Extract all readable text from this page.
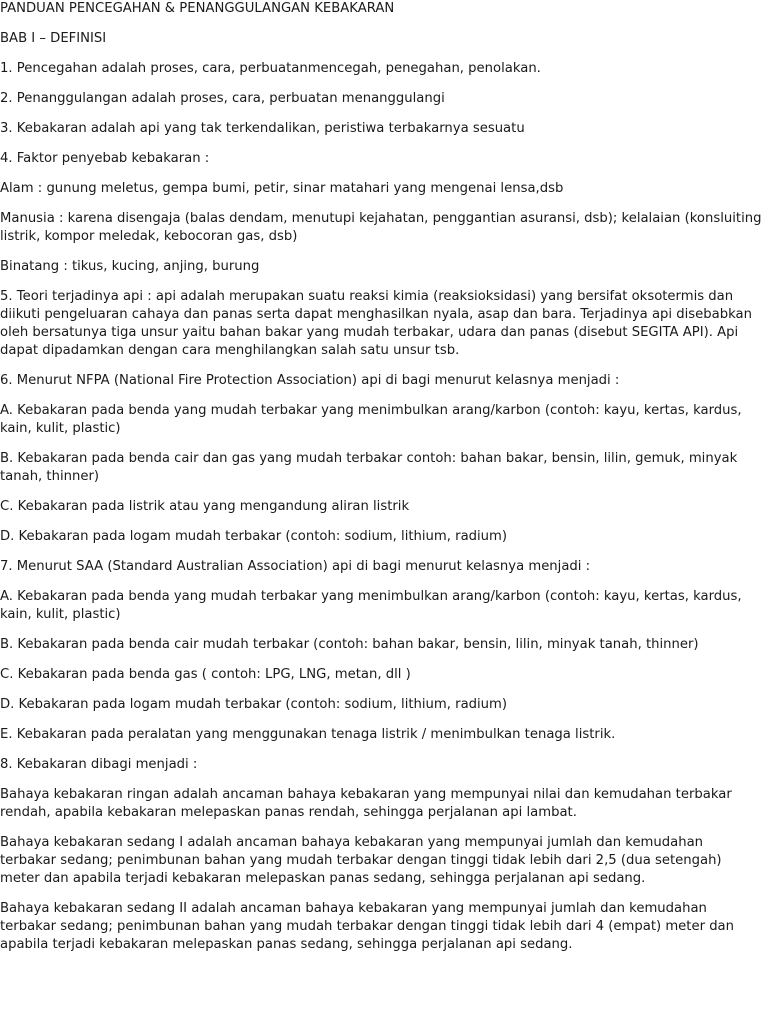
PANDUAN PENCEGAHAN & PENANGGULANGAN KEBAKARAN

BAB I – DEFINISI

1. Pencegahan adalah proses, cara, perbuatanmencegah, penegahan, penolakan.

2. Penanggulangan adalah proses, cara, perbuatan menanggulangi

3. Kebakaran adalah api yang tak terkendalikan, peristiwa terbakarnya sesuatu

4. Faktor penyebab kebakaran :

Alam : gunung meletus, gempa bumi, petir, sinar matahari yang mengenai lensa,dsb

Manusia : karena disengaja (balas dendam, menutupi kejahatan, penggantian asuransi, dsb); kelalaian (konsluiting listrik, kompor meledak, kebocoran gas, dsb)

Binatang : tikus, kucing, anjing, burung

5. Teori terjadinya api : api adalah merupakan suatu reaksi kimia (reaksioksidasi) yang bersifat oksotermis dan diikuti pengeluaran cahaya dan panas serta dapat menghasilkan nyala, asap dan bara. Terjadinya api disebabkan oleh bersatunya tiga unsur yaitu bahan bakar yang mudah terbakar, udara dan panas (disebut SEGITA API). Api dapat dipadamkan dengan cara menghilangkan salah satu unsur tsb.

6. Menurut NFPA (National Fire Protection Association) api di bagi menurut kelasnya menjadi :

A. Kebakaran pada benda yang mudah terbakar yang menimbulkan arang/karbon (contoh: kayu, kertas, kardus, kain, kulit, plastic)

B. Kebakaran pada benda cair dan gas yang mudah terbakar contoh: bahan bakar, bensin, lilin, gemuk, minyak tanah, thinner)

C. Kebakaran pada listrik atau yang mengandung aliran listrik

D. Kebakaran pada logam mudah terbakar (contoh: sodium, lithium, radium)

7. Menurut SAA (Standard Australian Association) api di bagi menurut kelasnya menjadi :

A. Kebakaran pada benda yang mudah terbakar yang menimbulkan arang/karbon (contoh: kayu, kertas, kardus, kain, kulit, plastic)

B. Kebakaran pada benda cair mudah terbakar (contoh: bahan bakar, bensin, lilin, minyak tanah, thinner)

C. Kebakaran pada benda gas ( contoh: LPG, LNG, metan, dll )

D. Kebakaran pada logam mudah terbakar (contoh: sodium, lithium, radium)

E. Kebakaran pada peralatan yang menggunakan tenaga listrik / menimbulkan tenaga listrik.

8. Kebakaran dibagi menjadi :

Bahaya kebakaran ringan adalah ancaman bahaya kebakaran yang mempunyai nilai dan kemudahan terbakar rendah, apabila kebakaran melepaskan panas rendah, sehingga perjalanan api lambat.

Bahaya kebakaran sedang I adalah ancaman bahaya kebakaran yang mempunyai jumlah dan kemudahan terbakar sedang; penimbunan bahan yang mudah terbakar dengan tinggi tidak lebih dari 2,5 (dua setengah) meter dan apabila terjadi kebakaran melepaskan panas sedang, sehingga perjalanan api sedang.

Bahaya kebakaran sedang II adalah ancaman bahaya kebakaran yang mempunyai jumlah dan kemudahan terbakar sedang; penimbunan bahan yang mudah terbakar dengan tinggi tidak lebih dari 4 (empat) meter dan apabila terjadi kebakaran melepaskan panas sedang, sehingga perjalanan api sedang.
